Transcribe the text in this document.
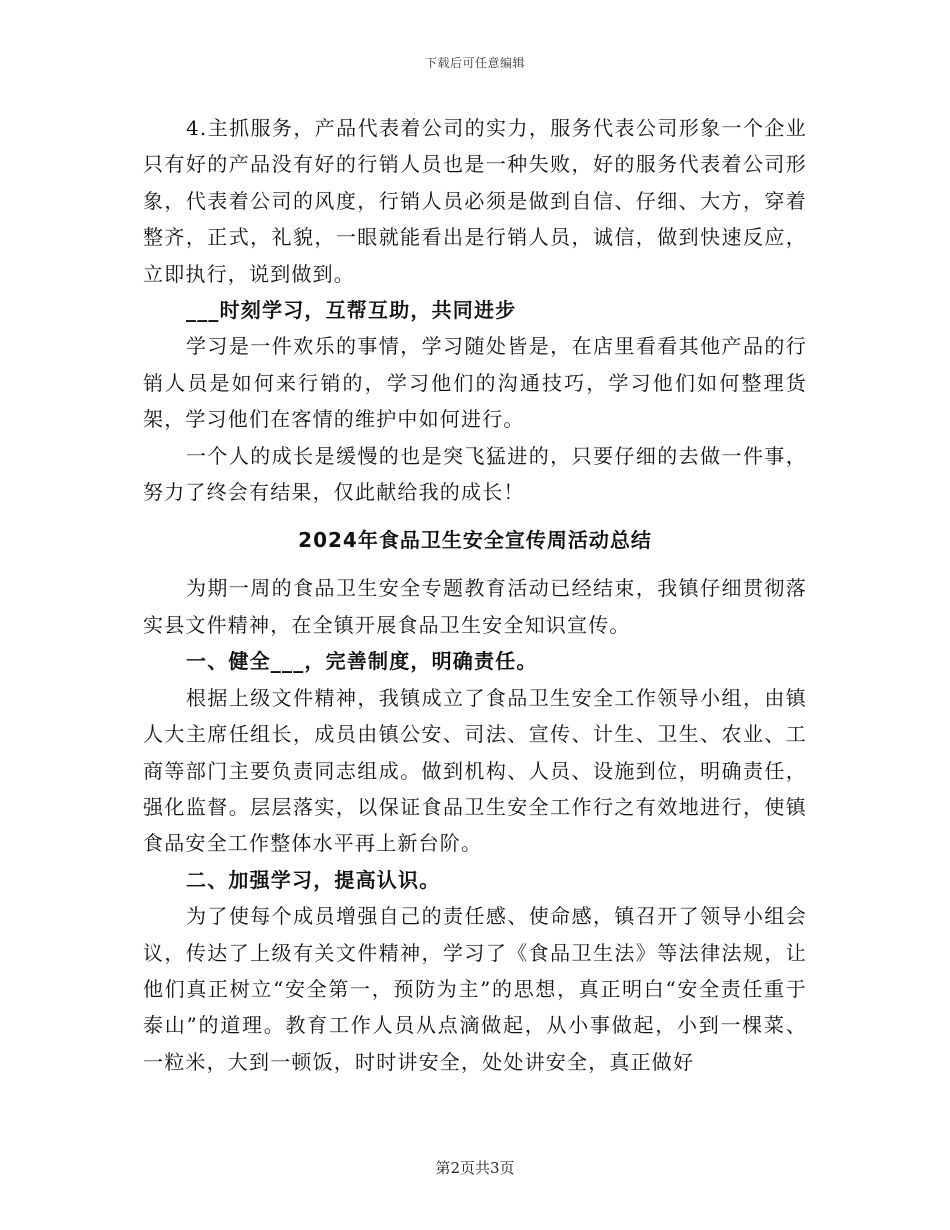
下载后可任意编辑

4.主抓服务，产品代表着公司的实力，服务代表公司形象一个企业只有好的产品没有好的行销人员也是一种失败，好的服务代表着公司形象，代表着公司的风度，行销人员必须是做到自信、仔细、大方，穿着整齐，正式，礼貌，一眼就能看出是行销人员，诚信，做到快速反应，立即执行，说到做到。

___时刻学习，互帮互助，共同进步

学习是一件欢乐的事情，学习随处皆是，在店里看看其他产品的行销人员是如何来行销的，学习他们的沟通技巧，学习他们如何整理货架，学习他们在客情的维护中如何进行。

一个人的成长是缓慢的也是突飞猛进的，只要仔细的去做一件事，努力了终会有结果，仅此献给我的成长！

2024年食品卫生安全宣传周活动总结

为期一周的食品卫生安全专题教育活动已经结束，我镇仔细贯彻落实县文件精神，在全镇开展食品卫生安全知识宣传。

一、健全___，完善制度，明确责任。

根据上级文件精神，我镇成立了食品卫生安全工作领导小组，由镇人大主席任组长，成员由镇公安、司法、宣传、计生、卫生、农业、工商等部门主要负责同志组成。做到机构、人员、设施到位，明确责任，强化监督。层层落实，以保证食品卫生安全工作行之有效地进行，使镇食品安全工作整体水平再上新台阶。

二、加强学习，提高认识。

为了使每个成员增强自己的责任感、使命感，镇召开了领导小组会议，传达了上级有关文件精神，学习了《食品卫生法》等法律法规，让他们真正树立“安全第一，预防为主”的思想，真正明白“安全责任重于泰山”的道理。教育工作人员从点滴做起，从小事做起，小到一棵菜、一粒米，大到一顿饭，时时讲安全，处处讲安全，真正做好

第2页共3页
